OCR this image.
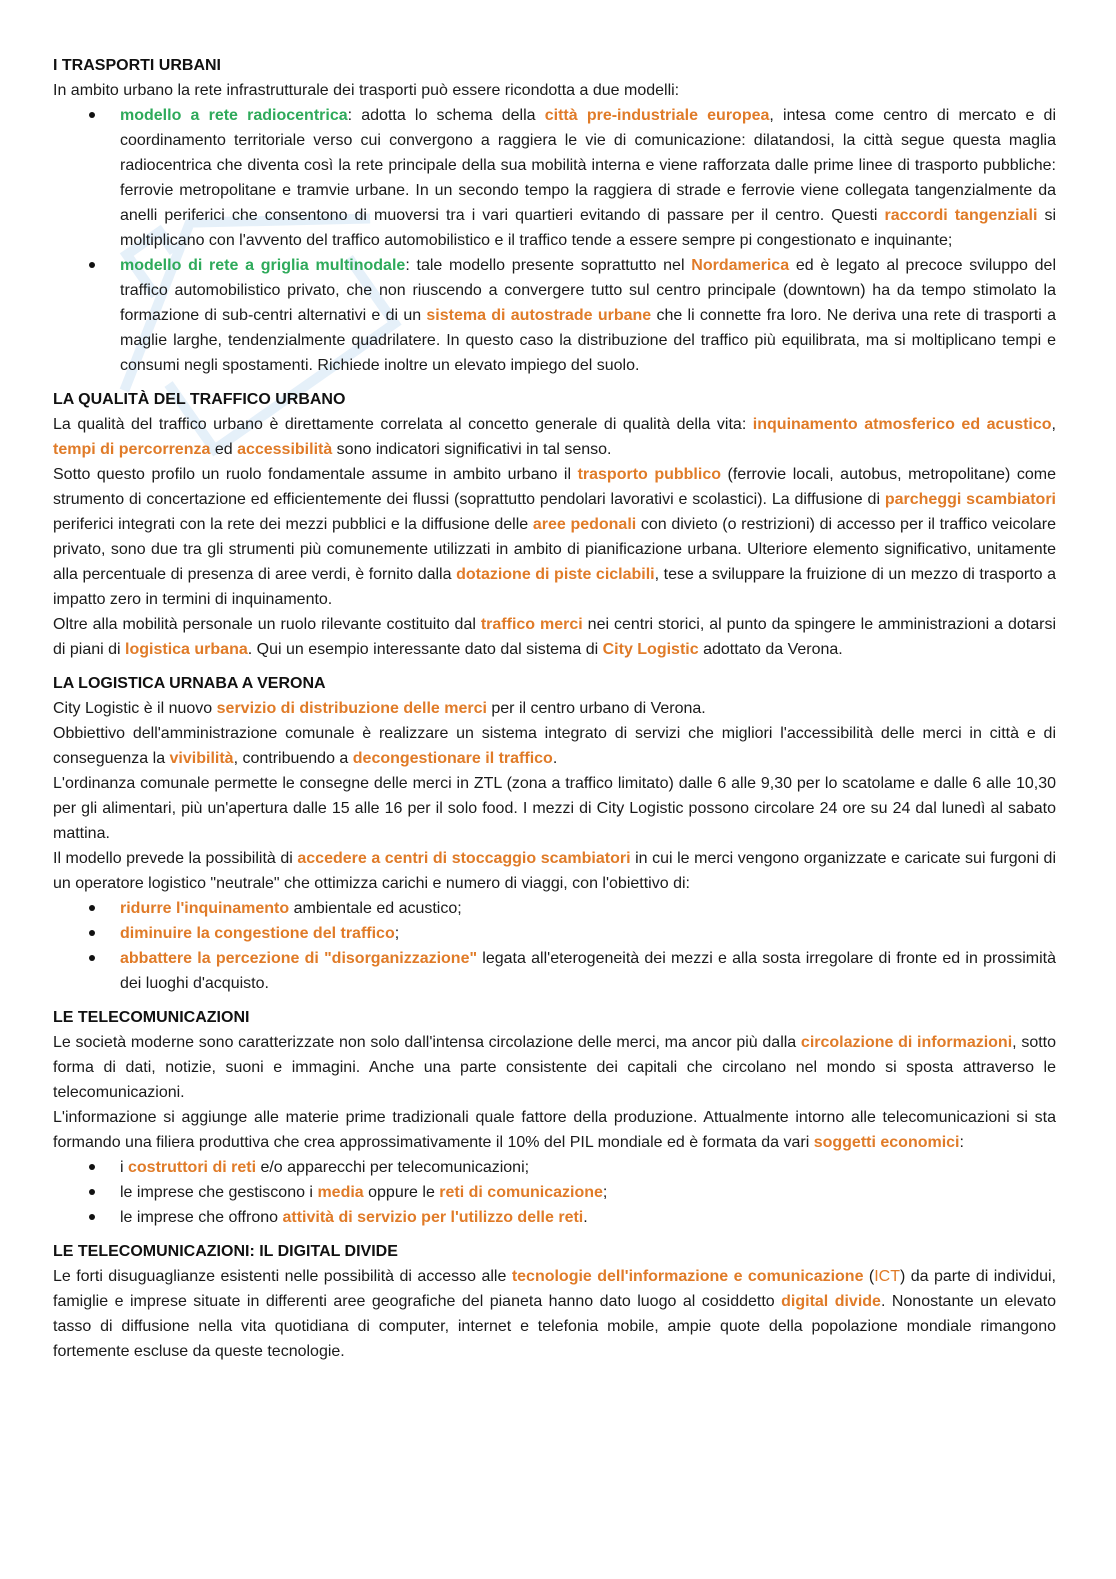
I TRASPORTI URBANI

In ambito urbano la rete infrastrutturale dei trasporti può essere ricondotta a due modelli:

modello a rete radiocentrica: adotta lo schema della città pre-industriale europea, intesa come centro di mercato e di coordinamento territoriale verso cui convergono a raggiera le vie di comunicazione: dilatandosi, la città segue questa maglia radiocentrica che diventa così la rete principale della sua mobilità interna e viene rafforzata dalle prime linee di trasporto pubbliche: ferrovie metropolitane e tramvie urbane. In un secondo tempo la raggiera di strade e ferrovie viene collegata tangenzialmente da anelli periferici che consentono di muoversi tra i vari quartieri evitando di passare per il centro. Questi raccordi tangenziali si moltiplicano con l'avvento del traffico automobilistico e il traffico tende a essere sempre pi congestionato e inquinante;
modello di rete a griglia multinodale: tale modello presente soprattutto nel Nordamerica ed è legato al precoce sviluppo del traffico automobilistico privato, che non riuscendo a convergere tutto sul centro principale (downtown) ha da tempo stimolato la formazione di sub-centri alternativi e di un sistema di autostrade urbane che li connette fra loro. Ne deriva una rete di trasporti a maglie larghe, tendenzialmente quadrilatere. In questo caso la distribuzione del traffico più equilibrata, ma si moltiplicano tempi e consumi negli spostamenti. Richiede inoltre un elevato impiego del suolo.
LA QUALITÀ DEL TRAFFICO URBANO

La qualità del traffico urbano è direttamente correlata al concetto generale di qualità della vita: inquinamento atmosferico ed acustico, tempi di percorrenza ed accessibilità sono indicatori significativi in tal senso.

Sotto questo profilo un ruolo fondamentale assume in ambito urbano il trasporto pubblico (ferrovie locali, autobus, metropolitane) come strumento di concertazione ed efficientemente dei flussi (soprattutto pendolari lavorativi e scolastici). La diffusione di parcheggi scambiatori periferici integrati con la rete dei mezzi pubblici e la diffusione delle aree pedonali con divieto (o restrizioni) di accesso per il traffico veicolare privato, sono due tra gli strumenti più comunemente utilizzati in ambito di pianificazione urbana. Ulteriore elemento significativo, unitamente alla percentuale di presenza di aree verdi, è fornito dalla dotazione di piste ciclabili, tese a sviluppare la fruizione di un mezzo di trasporto a impatto zero in termini di inquinamento.

Oltre alla mobilità personale un ruolo rilevante costituito dal traffico merci nei centri storici, al punto da spingere le amministrazioni a dotarsi di piani di logistica urbana. Qui un esempio interessante dato dal sistema di City Logistic adottato da Verona.

LA LOGISTICA URNABA A VERONA

City Logistic è il nuovo servizio di distribuzione delle merci per il centro urbano di Verona.

Obbiettivo dell'amministrazione comunale è realizzare un sistema integrato di servizi che migliori l'accessibilità delle merci in città e di conseguenza la vivibilità, contribuendo a decongestionare il traffico.

L'ordinanza comunale permette le consegne delle merci in ZTL (zona a traffico limitato) dalle 6 alle 9,30 per lo scatolame e dalle 6 alle 10,30 per gli alimentari, più un'apertura dalle 15 alle 16 per il solo food. I mezzi di City Logistic possono circolare 24 ore su 24 dal lunedì al sabato mattina.

Il modello prevede la possibilità di accedere a centri di stoccaggio scambiatori in cui le merci vengono organizzate e caricate sui furgoni di un operatore logistico "neutrale" che ottimizza carichi e numero di viaggi, con l'obiettivo di:

ridurre l'inquinamento ambientale ed acustico;
diminuire la congestione del traffico;
abbattere la percezione di "disorganizzazione" legata all'eterogeneità dei mezzi e alla sosta irregolare di fronte ed in prossimità dei luoghi d'acquisto.
LE TELECOMUNICAZIONI

Le società moderne sono caratterizzate non solo dall'intensa circolazione delle merci, ma ancor più dalla circolazione di informazioni, sotto forma di dati, notizie, suoni e immagini. Anche una parte consistente dei capitali che circolano nel mondo si sposta attraverso le telecomunicazioni.

L'informazione si aggiunge alle materie prime tradizionali quale fattore della produzione. Attualmente intorno alle telecomunicazioni si sta formando una filiera produttiva che crea approssimativamente il 10% del PIL mondiale ed è formata da vari soggetti economici:

i costruttori di reti e/o apparecchi per telecomunicazioni;
le imprese che gestiscono i media oppure le reti di comunicazione;
le imprese che offrono attività di servizio per l'utilizzo delle reti.
LE TELECOMUNICAZIONI: IL DIGITAL DIVIDE

Le forti disuguaglianze esistenti nelle possibilità di accesso alle tecnologie dell'informazione e comunicazione (ICT) da parte di individui, famiglie e imprese situate in differenti aree geografiche del pianeta hanno dato luogo al cosiddetto digital divide. Nonostante un elevato tasso di diffusione nella vita quotidiana di computer, internet e telefonia mobile, ampie quote della popolazione mondiale rimangono fortemente escluse da queste tecnologie.
